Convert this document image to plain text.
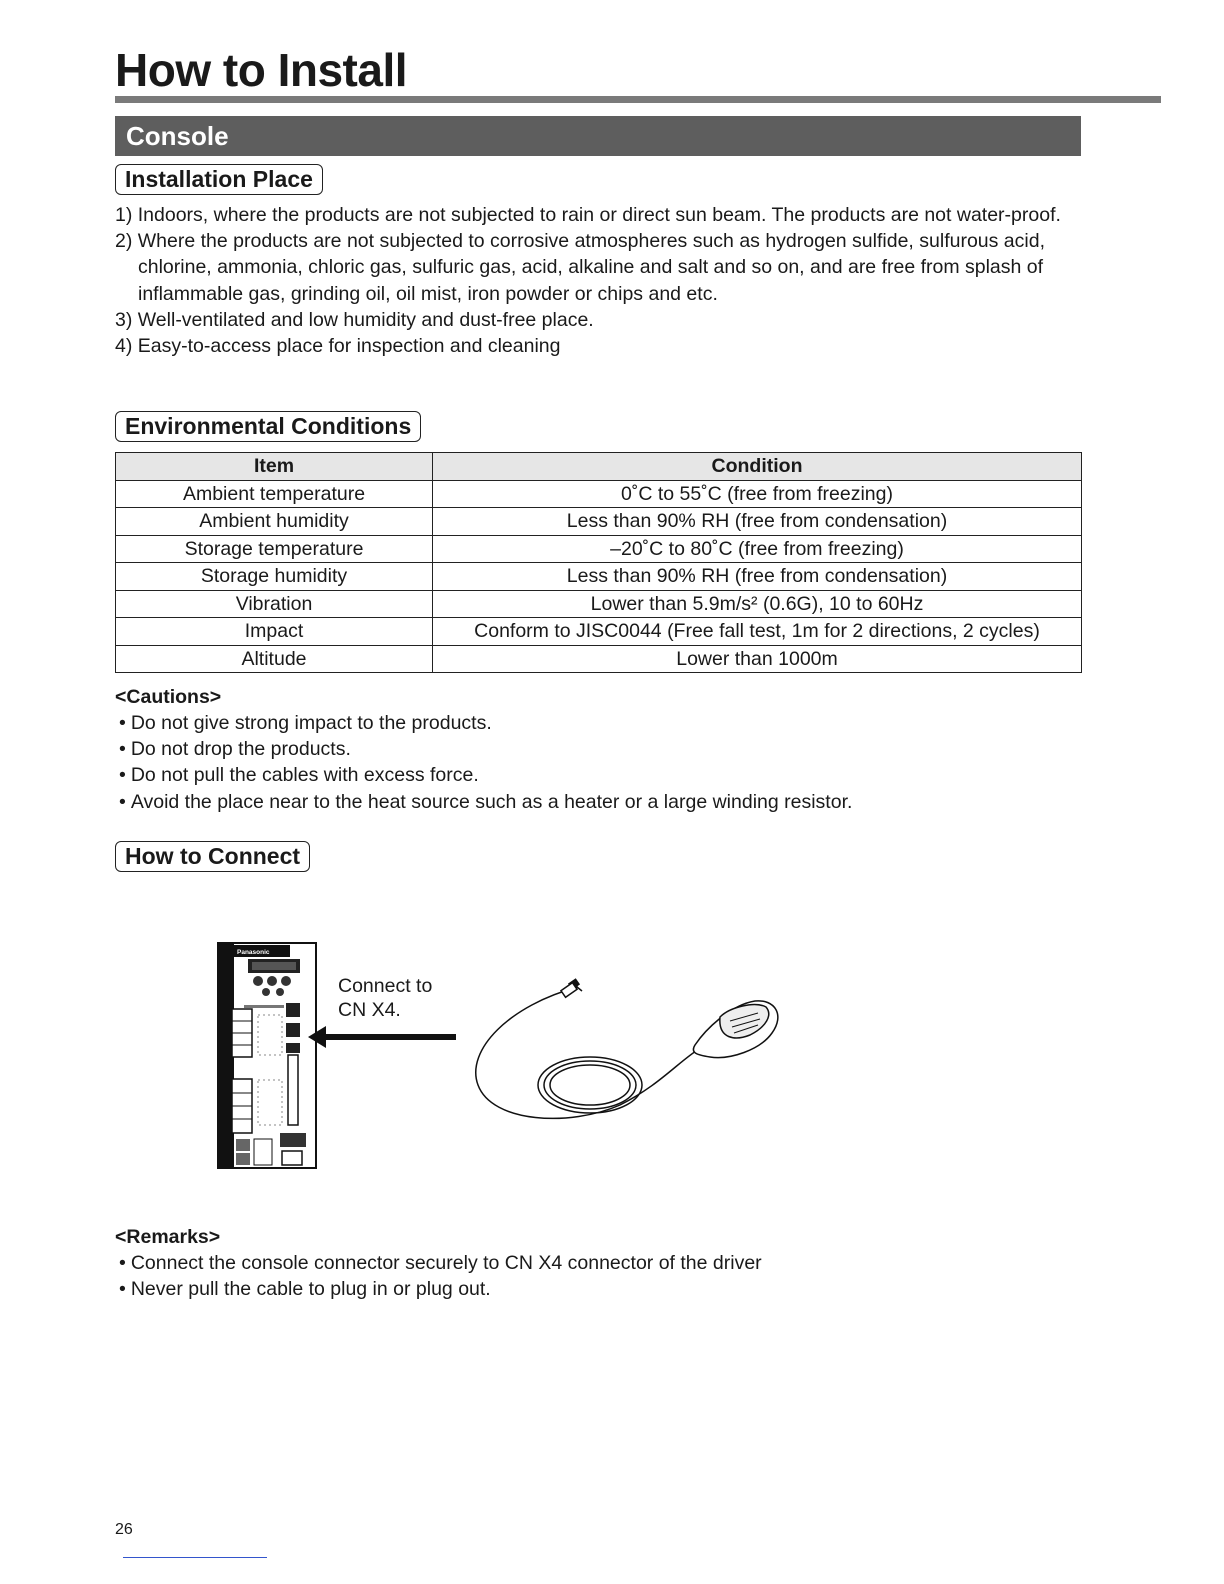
How to Install
Console
Installation Place
1) Indoors, where the products are not subjected to rain or direct sun beam. The products are not water-proof.
2) Where the products are not subjected to corrosive atmospheres such as hydrogen sulfide, sulfurous acid, chlorine, ammonia, chloric gas, sulfuric gas, acid, alkaline and salt and so on, and are free from splash of inflammable gas, grinding oil, oil mist, iron powder or chips and etc.
3) Well-ventilated and low humidity and dust-free place.
4) Easy-to-access place for inspection and cleaning
Environmental Conditions
Item	Condition
Ambient temperature	0˚C to 55˚C (free from freezing)
Ambient humidity	Less than 90% RH (free from condensation)
Storage temperature	–20˚C to 80˚C (free from freezing)
Storage humidity	Less than 90% RH (free from condensation)
Vibration	Lower than 5.9m/s² (0.6G), 10 to 60Hz
Impact	Conform to JISC0044 (Free fall test, 1m for 2 directions, 2 cycles)
Altitude	Lower than 1000m

<Cautions>

• Do not give strong impact to the products.
• Do not drop the products.
• Do not pull the cables with excess force.
• Avoid the place near to the heat source such as a heater or a large winding resistor.
How to Connect
Panasonic
Connect to
CN X4.

<Remarks>

• Connect the console connector securely to CN X4 connector of the driver
• Never pull the cable to plug in or plug out.
26
